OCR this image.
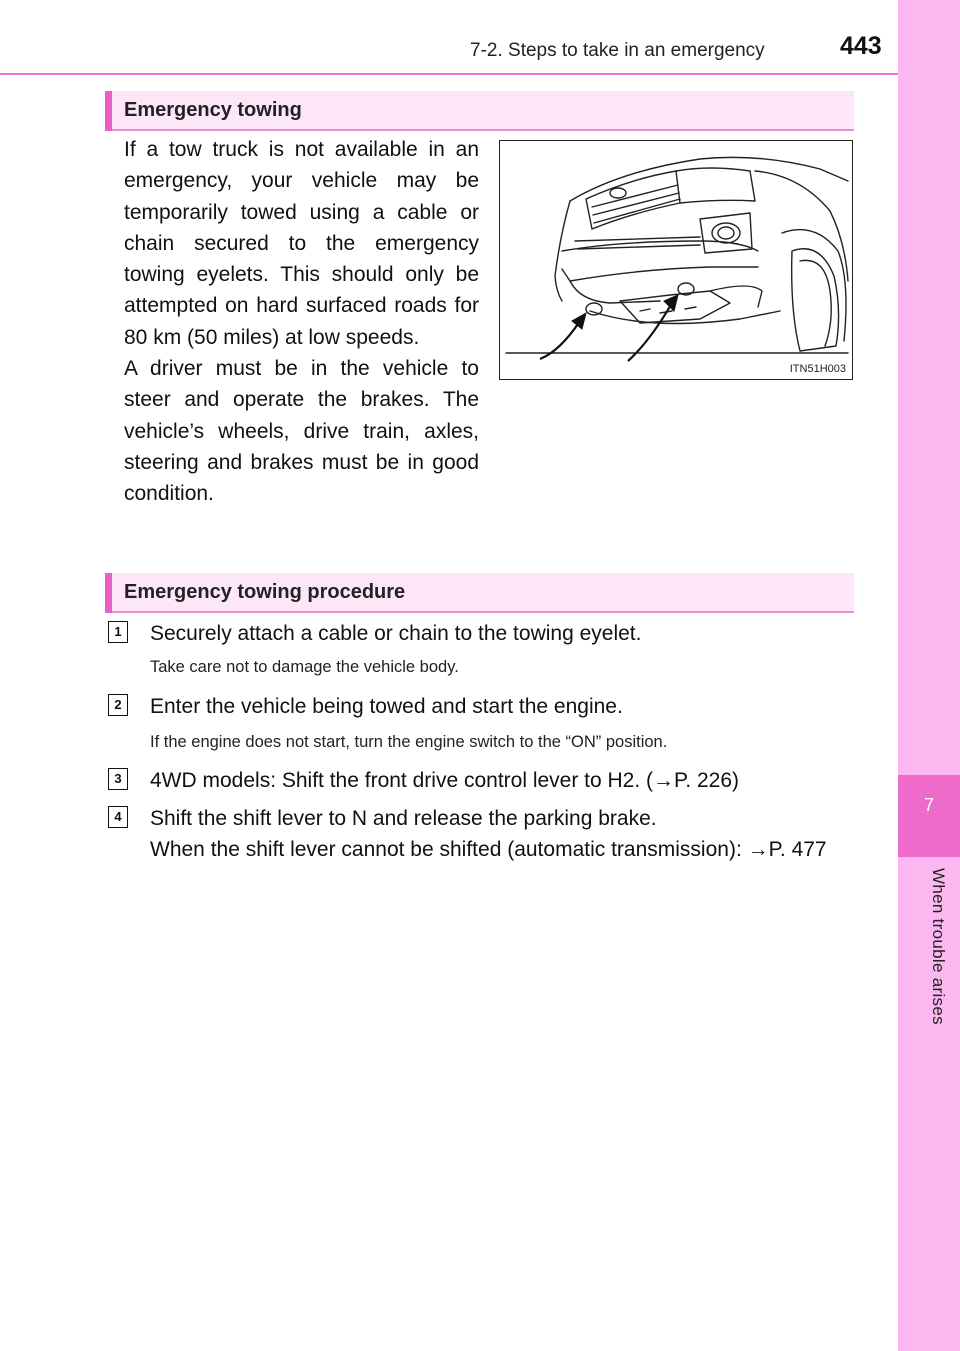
7-2. Steps to take in an emergency	443
7
When trouble arises
Emergency towing

If a tow truck is not available in an emergency, your vehicle may be temporarily towed using a cable or chain secured to the emergency towing eyelets. This should only be attempted on hard surfaced roads for 80 km (50 miles) at low speeds.

A driver must be in the vehicle to steer and operate the brakes. The vehicle’s wheels, drive train, axles, steering and brakes must be in good condition.

ITN51H003
Emergency towing procedure
1	Securely attach a cable or chain to the towing eyelet.
Take care not to damage the vehicle body.
2	Enter the vehicle being towed and start the engine.
If the engine does not start, turn the engine switch to the “ON” position.
3	4WD models: Shift the front drive control lever to H2. (→P. 226)
4	Shift the shift lever to N and release the parking brake.
When the shift lever cannot be shifted (automatic transmission): →P. 477
